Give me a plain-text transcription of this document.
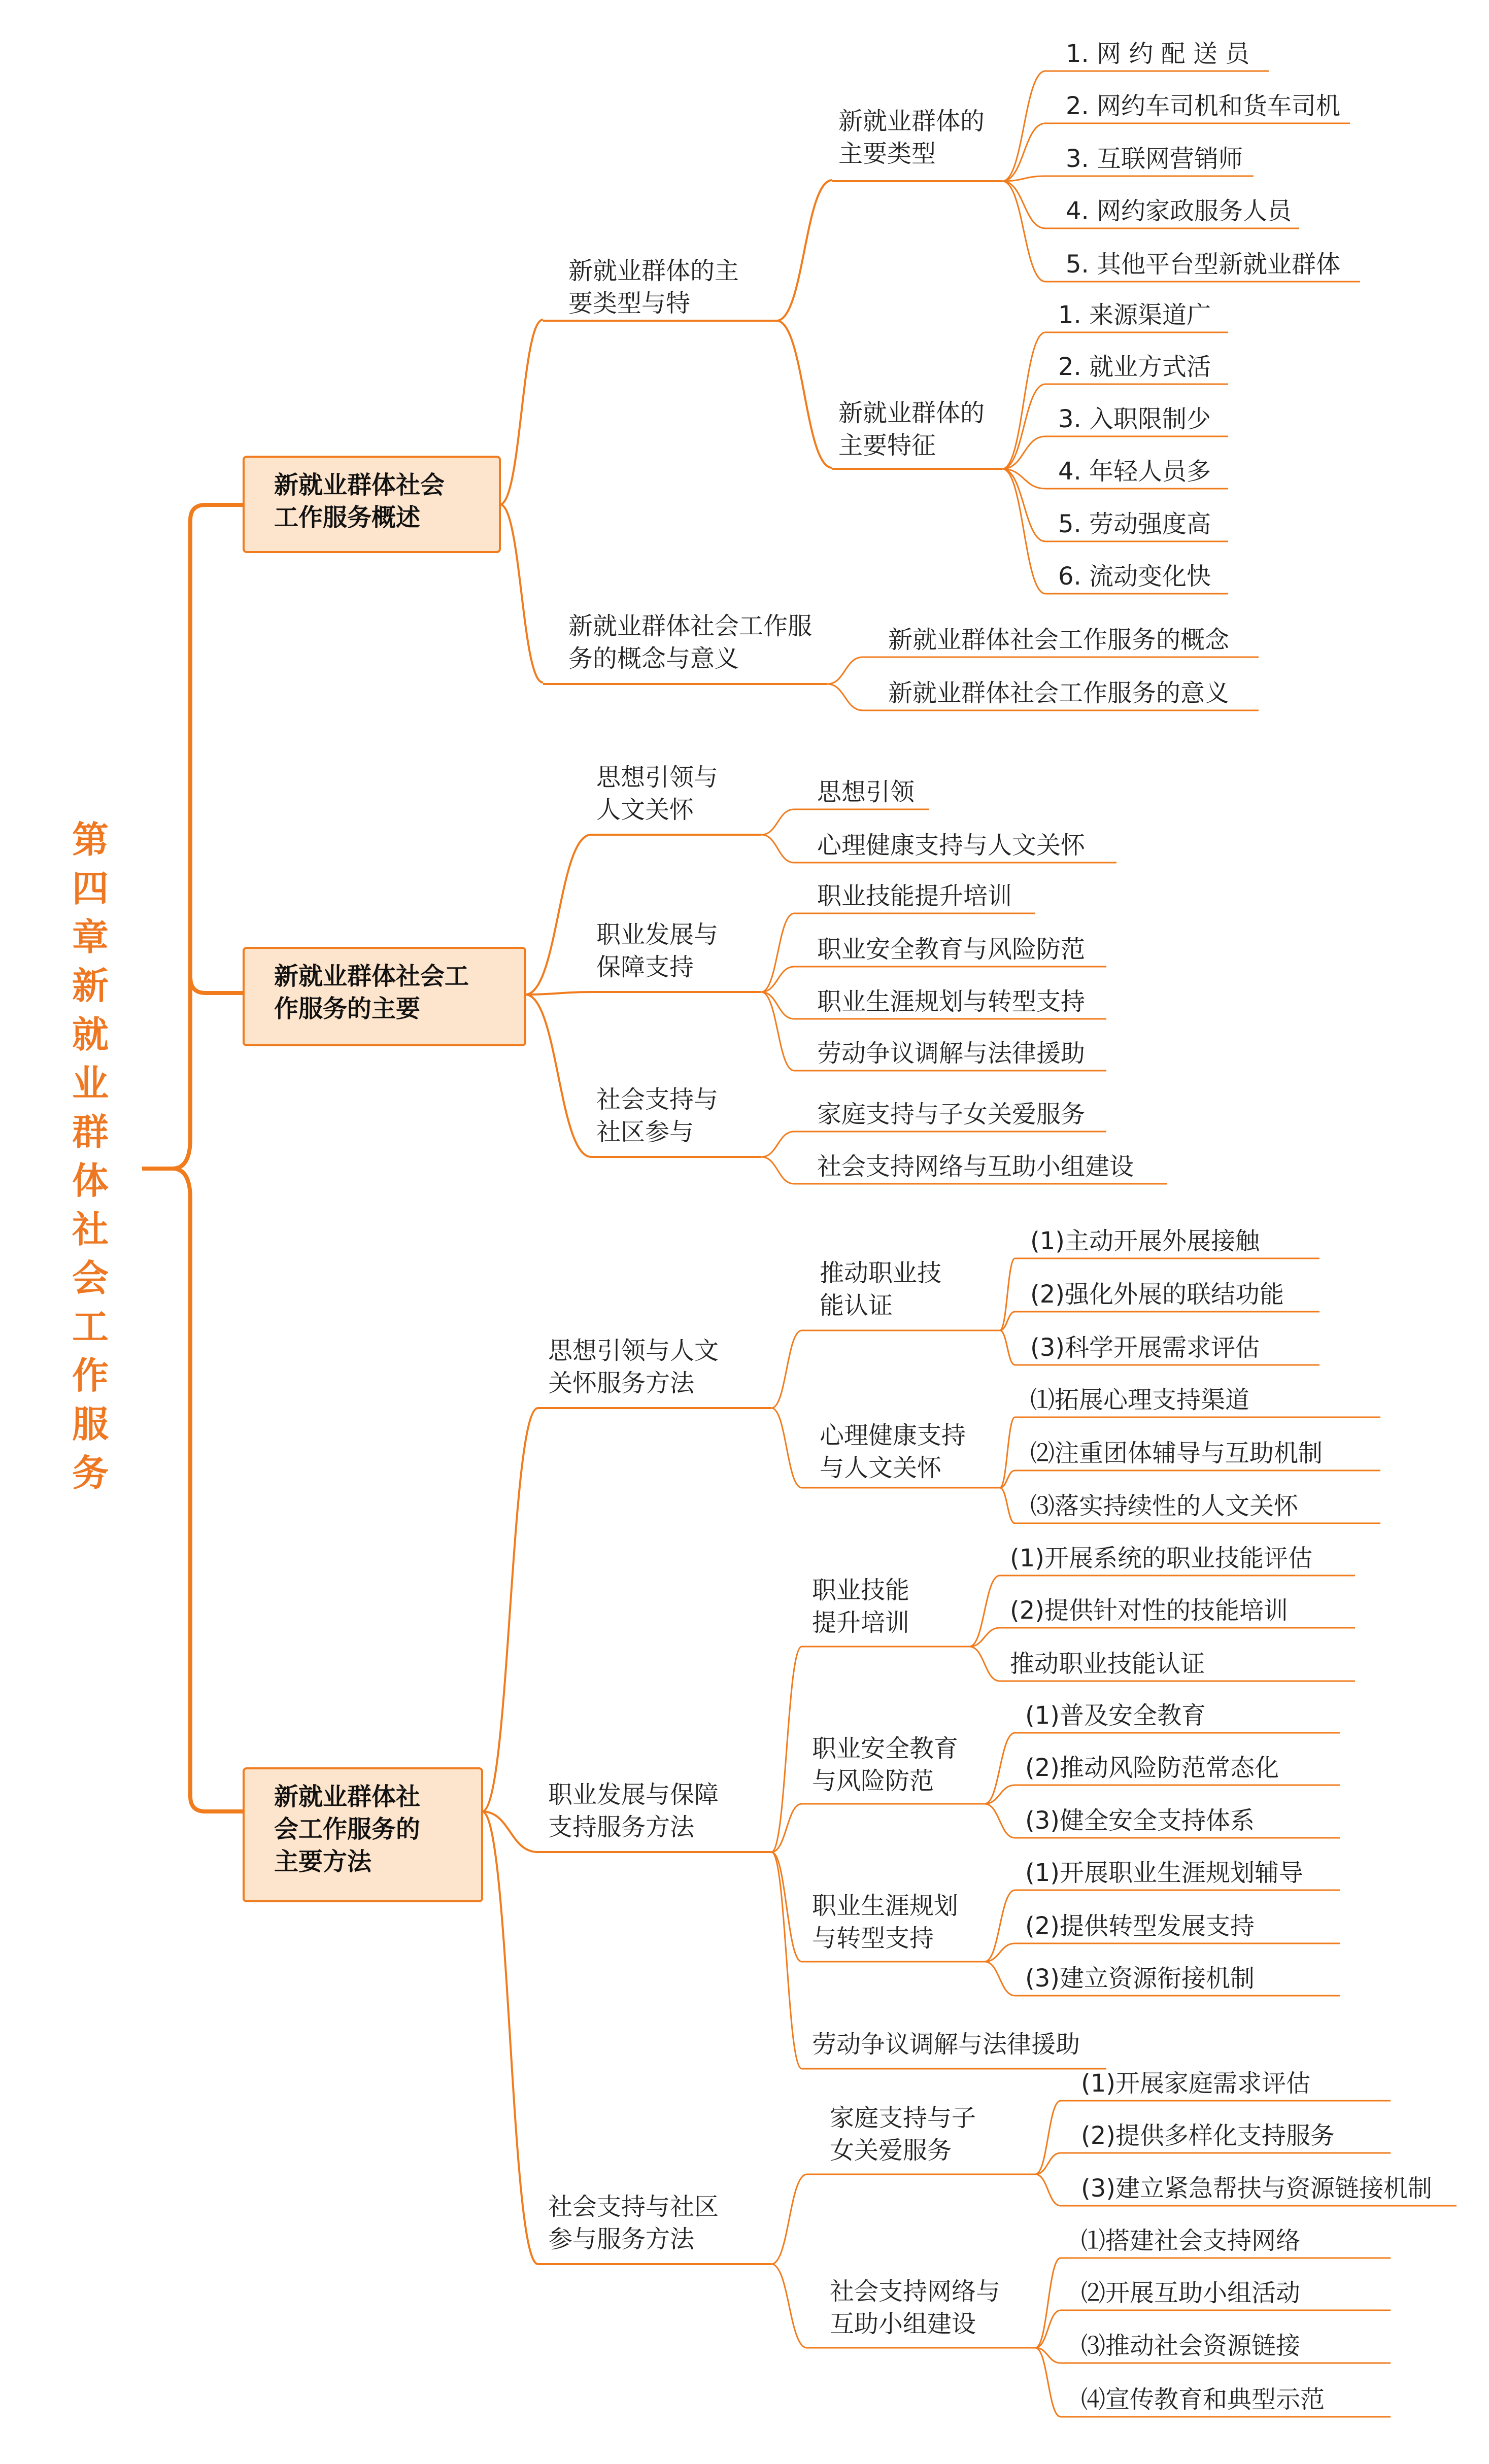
第四章新就业群体社会工作服务
新就业群体社会工作服务概述
新就业群体社会工作服务的主要
新就业群体社会工作服务的主要方法
新就业群体的主要类型与特
新就业群体社会工作服务的概念与意义
新就业群体的主要类型
新就业群体的主要特征
1. 网 约 配 送 员
2. 网约车司机和货车司机
3. 互联网营销师
4. 网约家政服务人员
5. 其他平台型新就业群体
1. 来源渠道广
2. 就业方式活
3. 入职限制少
4. 年轻人员多
5. 劳动强度高
6. 流动变化快
新就业群体社会工作服务的概念
新就业群体社会工作服务的意义
思想引领与人文关怀
职业发展与保障支持
社会支持与社区参与
思想引领
心理健康支持与人文关怀
职业技能提升培训
职业安全教育与风险防范
职业生涯规划与转型支持
劳动争议调解与法律援助
家庭支持与子女关爱服务
社会支持网络与互助小组建设
思想引领与人文关怀服务方法
职业发展与保障支持服务方法
社会支持与社区参与服务方法
推动职业技能认证
心理健康支持与人文关怀
(1)主动开展外展接触
(2)强化外展的联结功能
(3)科学开展需求评估
⑴拓展心理支持渠道
⑵注重团体辅导与互助机制
⑶落实持续性的人文关怀
职业技能提升培训
职业安全教育与风险防范
职业生涯规划与转型支持
劳动争议调解与法律援助
(1)开展系统的职业技能评估
(2)提供针对性的技能培训
推动职业技能认证
(1)普及安全教育
(2)推动风险防范常态化
(3)健全安全支持体系
(1)开展职业生涯规划辅导
(2)提供转型发展支持
(3)建立资源衔接机制
家庭支持与子女关爱服务
社会支持网络与互助小组建设
(1)开展家庭需求评估
(2)提供多样化支持服务
(3)建立紧急帮扶与资源链接机制
⑴搭建社会支持网络
⑵开展互助小组活动
⑶推动社会资源链接
⑷宣传教育和典型示范
